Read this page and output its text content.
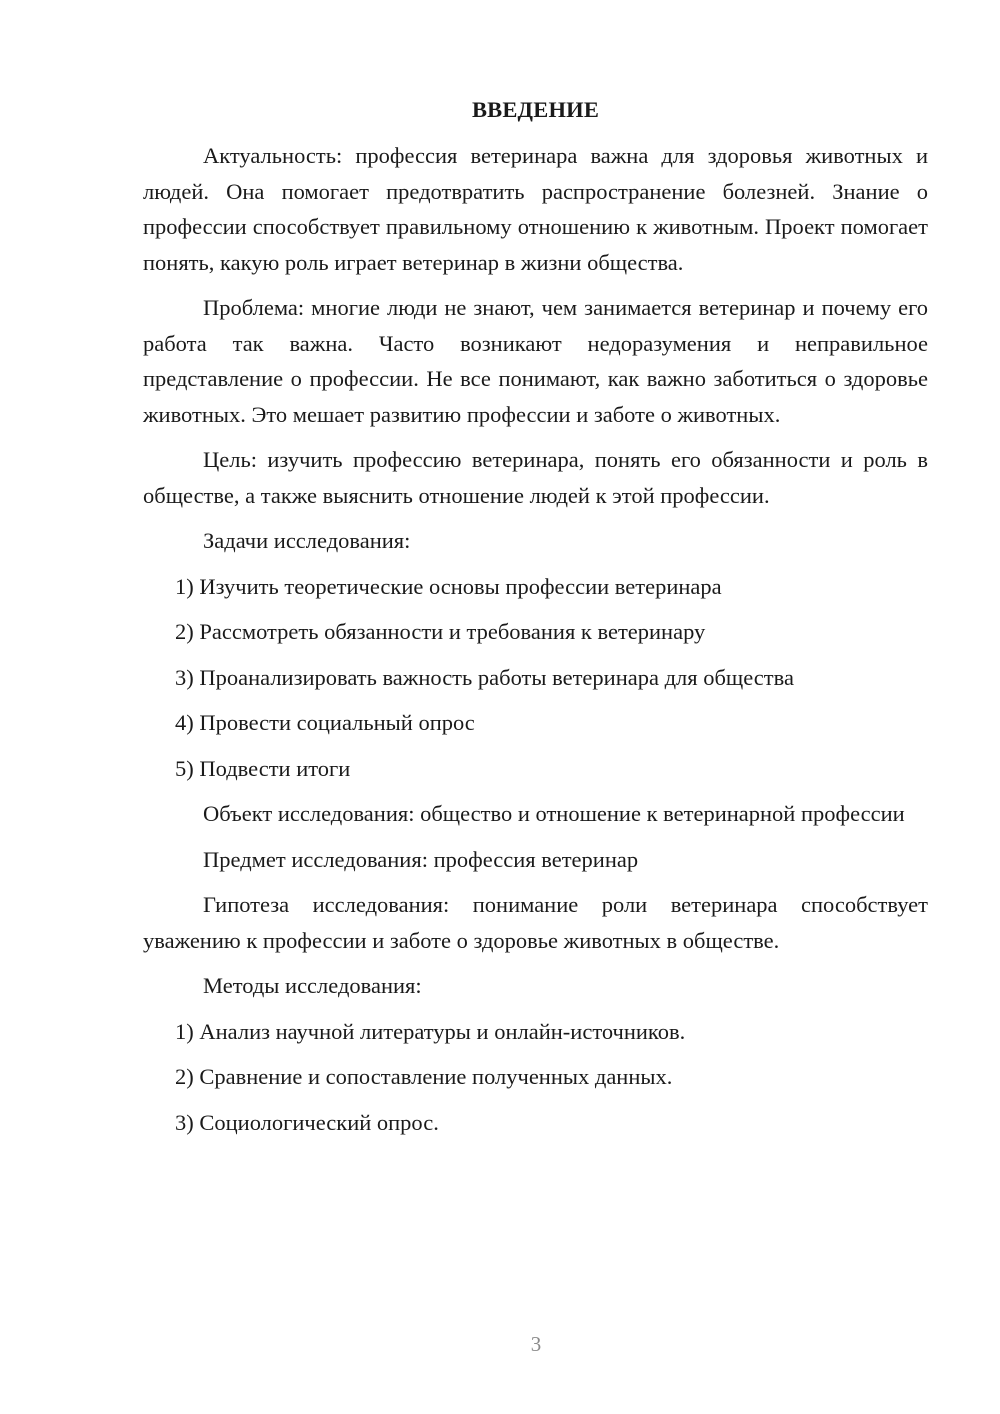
ВВЕДЕНИЕ

Актуальность: профессия ветеринара важна для здоровья животных и людей. Она помогает предотвратить распространение болезней. Знание о профессии способствует правильному отношению к животным. Проект помогает понять, какую роль играет ветеринар в жизни общества.

Проблема: многие люди не знают, чем занимается ветеринар и почему его работа так важна. Часто возникают недоразумения и неправильное представление о профессии. Не все понимают, как важно заботиться о здоровье животных. Это мешает развитию профессии и заботе о животных.

Цель: изучить профессию ветеринара, понять его обязанности и роль в обществе, а также выяснить отношение людей к этой профессии.

Задачи исследования:

1) Изучить теоретические основы профессии ветеринара

2) Рассмотреть обязанности и требования к ветеринару

3) Проанализировать важность работы ветеринара для общества

4) Провести социальный опрос

5) Подвести итоги

Объект исследования: общество и отношение к ветеринарной профессии

Предмет исследования: профессия ветеринар

Гипотеза исследования: понимание роли ветеринара способствует уважению к профессии и заботе о здоровье животных в обществе.

Методы исследования:

1) Анализ научной литературы и онлайн-источников.

2) Сравнение и сопоставление полученных данных.

3) Социологический опрос.

3
